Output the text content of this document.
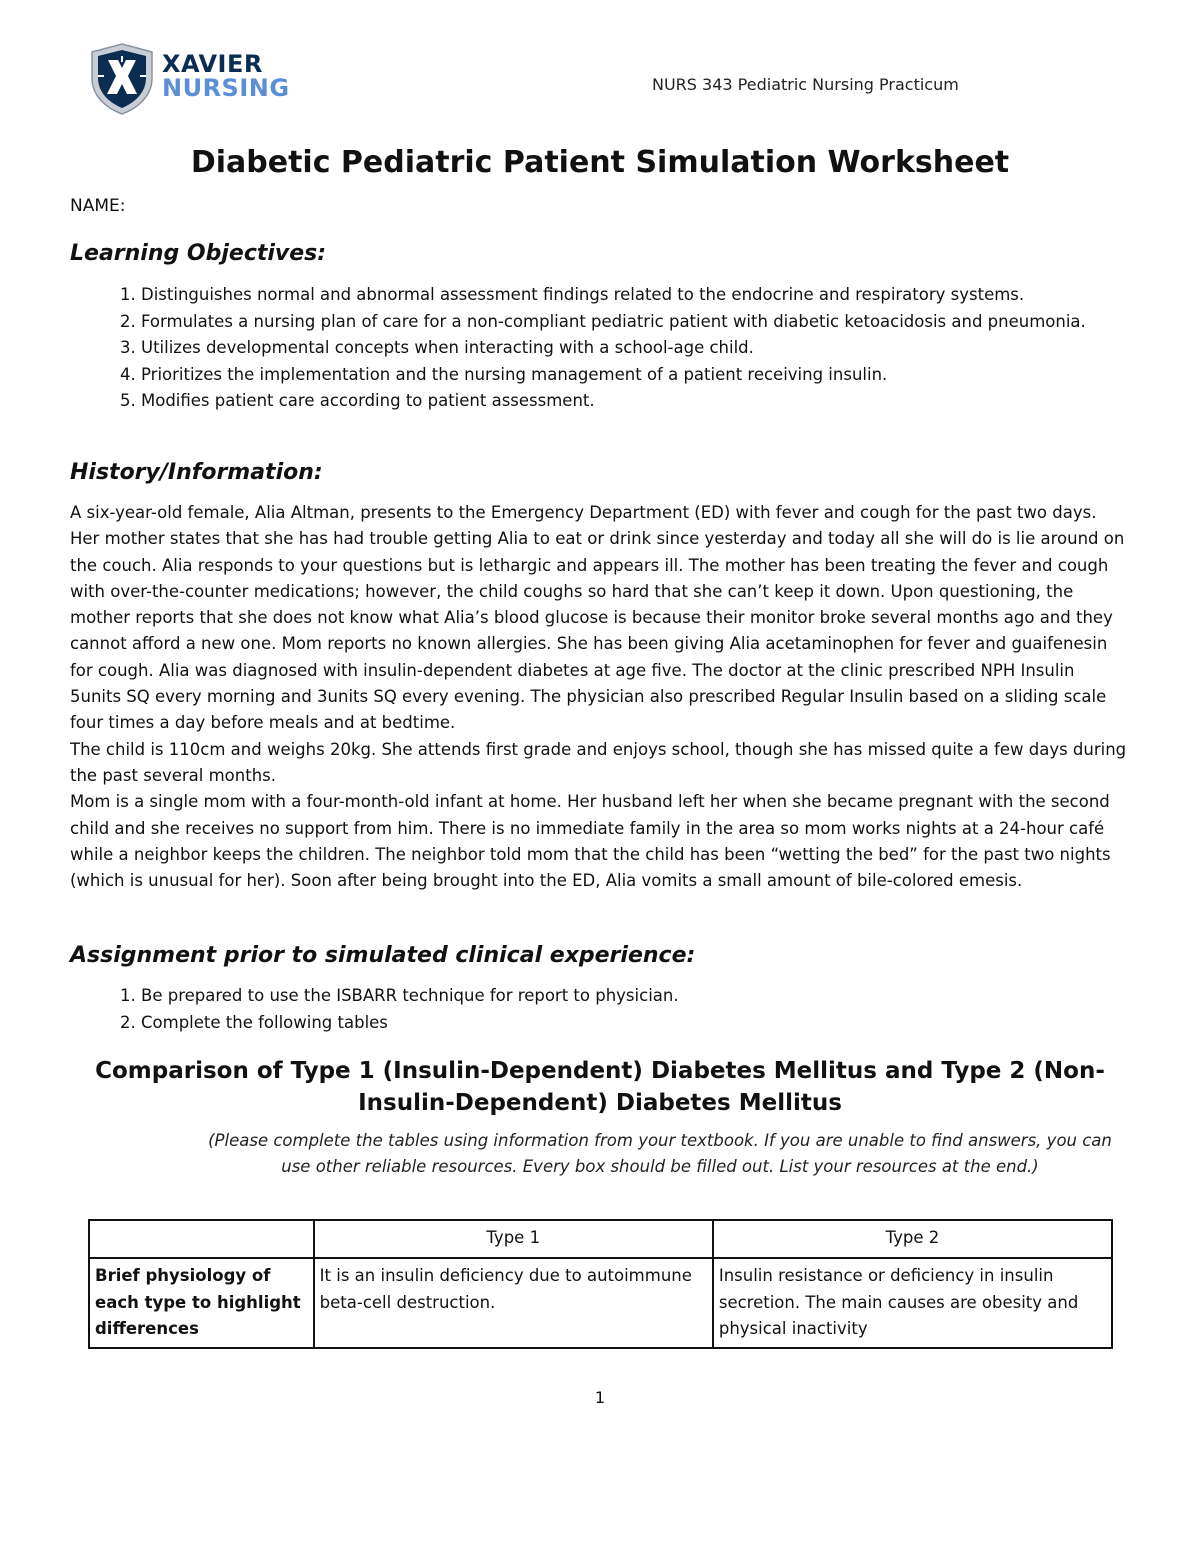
XAVIER
NURSING	NURS 343 Pediatric Nursing Practicum
Diabetic Pediatric Patient Simulation Worksheet
NAME:
Learning Objectives:
1. Distinguishes normal and abnormal assessment findings related to the endocrine and respiratory systems.
2. Formulates a nursing plan of care for a non-compliant pediatric patient with diabetic ketoacidosis and pneumonia.
3. Utilizes developmental concepts when interacting with a school-age child.
4. Prioritizes the implementation and the nursing management of a patient receiving insulin.
5. Modifies patient care according to patient assessment.
History/Information:

A six-year-old female, Alia Altman, presents to the Emergency Department (ED) with fever and cough for the past two days. Her mother states that she has had trouble getting Alia to eat or drink since yesterday and today all she will do is lie around on the couch. Alia responds to your questions but is lethargic and appears ill. The mother has been treating the fever and cough with over-the-counter medications; however, the child coughs so hard that she can’t keep it down. Upon questioning, the mother reports that she does not know what Alia’s blood glucose is because their monitor broke several months ago and they cannot afford a new one. Mom reports no known allergies. She has been giving Alia acetaminophen for fever and guaifenesin for cough. Alia was diagnosed with insulin-dependent diabetes at age five. The doctor at the clinic prescribed NPH Insulin 5units SQ every morning and 3units SQ every evening. The physician also prescribed Regular Insulin based on a sliding scale four times a day before meals and at bedtime.

The child is 110cm and weighs 20kg. She attends first grade and enjoys school, though she has missed quite a few days during the past several months.

Mom is a single mom with a four-month-old infant at home. Her husband left her when she became pregnant with the second child and she receives no support from him. There is no immediate family in the area so mom works nights at a 24-hour café while a neighbor keeps the children. The neighbor told mom that the child has been “wetting the bed” for the past two nights (which is unusual for her). Soon after being brought into the ED, Alia vomits a small amount of bile-colored emesis.

Assignment prior to simulated clinical experience:
1. Be prepared to use the ISBARR technique for report to physician.
2. Complete the following tables
Comparison of Type 1 (Insulin-Dependent) Diabetes Mellitus and Type 2 (Non-Insulin-Dependent) Diabetes Mellitus
(Please complete the tables using information from your textbook. If you are unable to find answers, you can use other reliable resources. Every box should be filled out. List your resources at the end.)
	Type 1	Type 2
Brief physiology of each type to highlight differences	It is an insulin deficiency due to autoimmune beta-cell destruction.	Insulin resistance or deficiency in insulin secretion. The main causes are obesity and physical inactivity
1
